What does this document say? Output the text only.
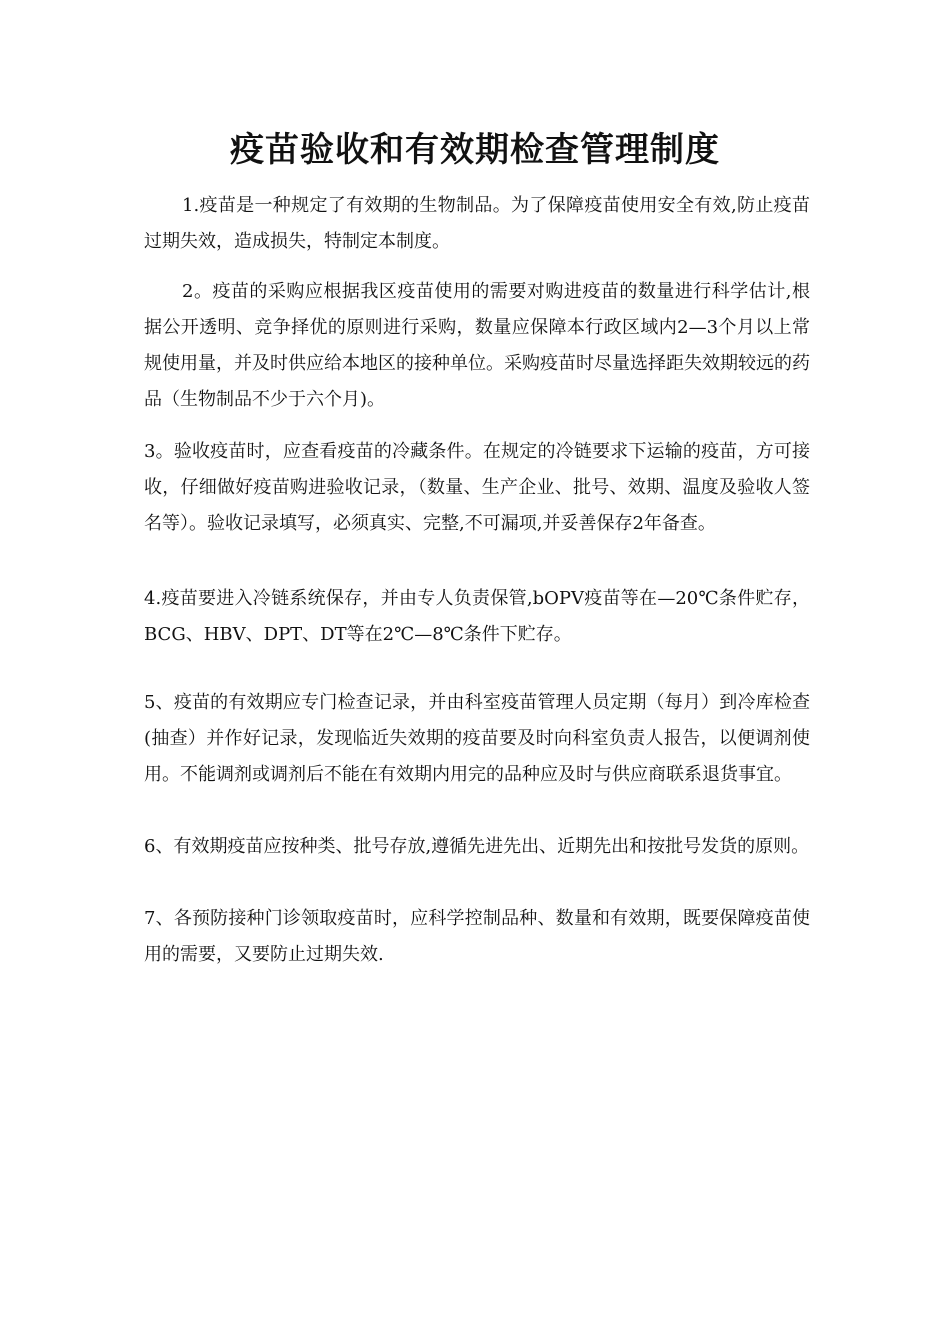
疫苗验收和有效期检查管理制度

1.疫苗是一种规定了有效期的生物制品。为了保障疫苗使用安全有效,防止疫苗过期失效，造成损失，特制定本制度。

2。疫苗的采购应根据我区疫苗使用的需要对购进疫苗的数量进行科学估计,根据公开透明、竞争择优的原则进行采购，数量应保障本行政区域内2—3个月以上常规使用量，并及时供应给本地区的接种单位。采购疫苗时尽量选择距失效期较远的药品（生物制品不少于六个月)。

3。验收疫苗时，应查看疫苗的冷藏条件。在规定的冷链要求下运输的疫苗，方可接收，仔细做好疫苗购进验收记录，（数量、生产企业、批号、效期、温度及验收人签名等）。验收记录填写，必须真实、完整,不可漏项,并妥善保存2年备查。

4.疫苗要进入冷链系统保存，并由专人负责保管,bOPV疫苗等在—20℃条件贮存，BCG、HBV、DPT、DT等在2℃—8℃条件下贮存。

5、疫苗的有效期应专门检查记录，并由科室疫苗管理人员定期（每月）到冷库检查(抽查）并作好记录，发现临近失效期的疫苗要及时向科室负责人报告，以便调剂使用。不能调剂或调剂后不能在有效期内用完的品种应及时与供应商联系退货事宜。

6、有效期疫苗应按种类、批号存放,遵循先进先出、近期先出和按批号发货的原则。

7、各预防接种门诊领取疫苗时，应科学控制品种、数量和有效期，既要保障疫苗使用的需要，又要防止过期失效.
